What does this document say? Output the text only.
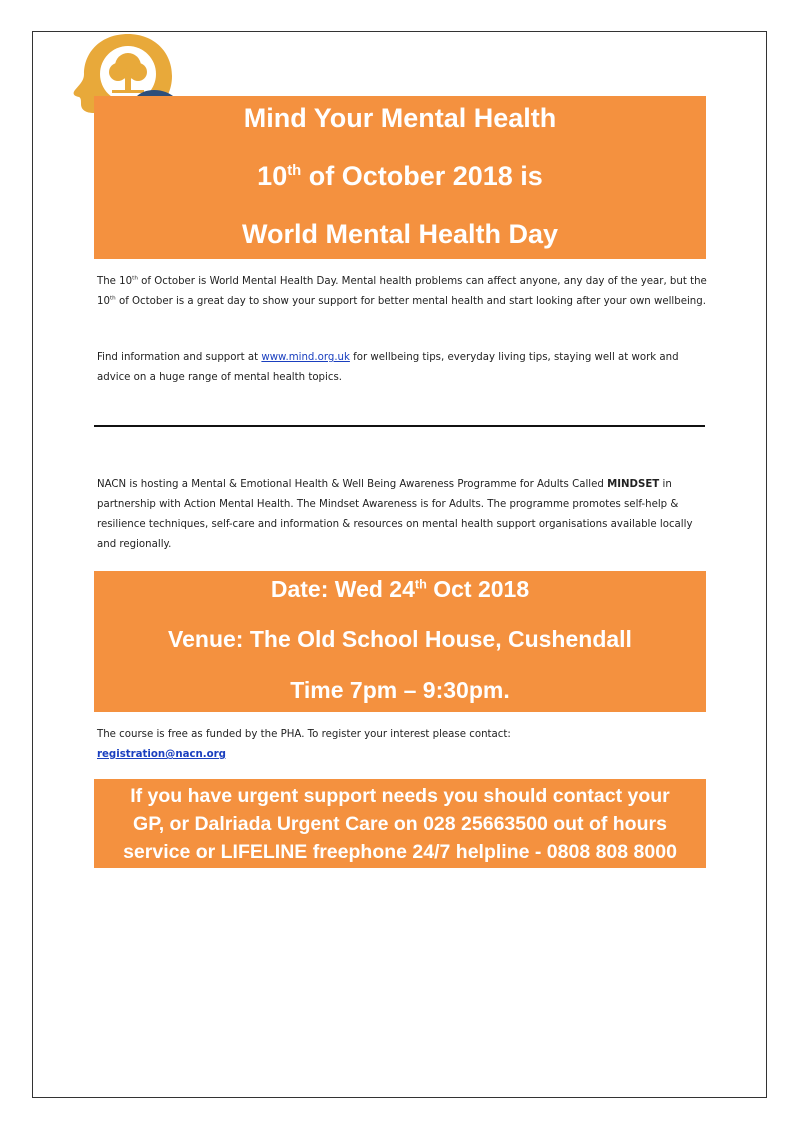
Mind Your Mental Health
10th of October 2018 is
World Mental Health Day

The 10th of October is World Mental Health Day. Mental health problems can affect anyone, any day of the year, but the 10th of October is a great day to show your support for better mental health and start looking after your own wellbeing.

Find information and support at www.mind.org.uk for wellbeing tips, everyday living tips, staying well at work and advice on a huge range of mental health topics.

NACN is hosting a Mental & Emotional Health & Well Being Awareness Programme for Adults Called MINDSET in partnership with Action Mental Health. The Mindset Awareness is for Adults. The programme promotes self-help & resilience techniques, self-care and information & resources on mental health support organisations available locally and regionally.

Date: Wed 24th Oct 2018
Venue: The Old School House, Cushendall
Time 7pm – 9:30pm.

The course is free as funded by the PHA. To register your interest please contact:

registration@nacn.org

If you have urgent support needs you should contact your
GP, or Dalriada Urgent Care on 028 25663500 out of hours
service or LIFELINE freephone 24/7 helpline - 0808 808 8000
